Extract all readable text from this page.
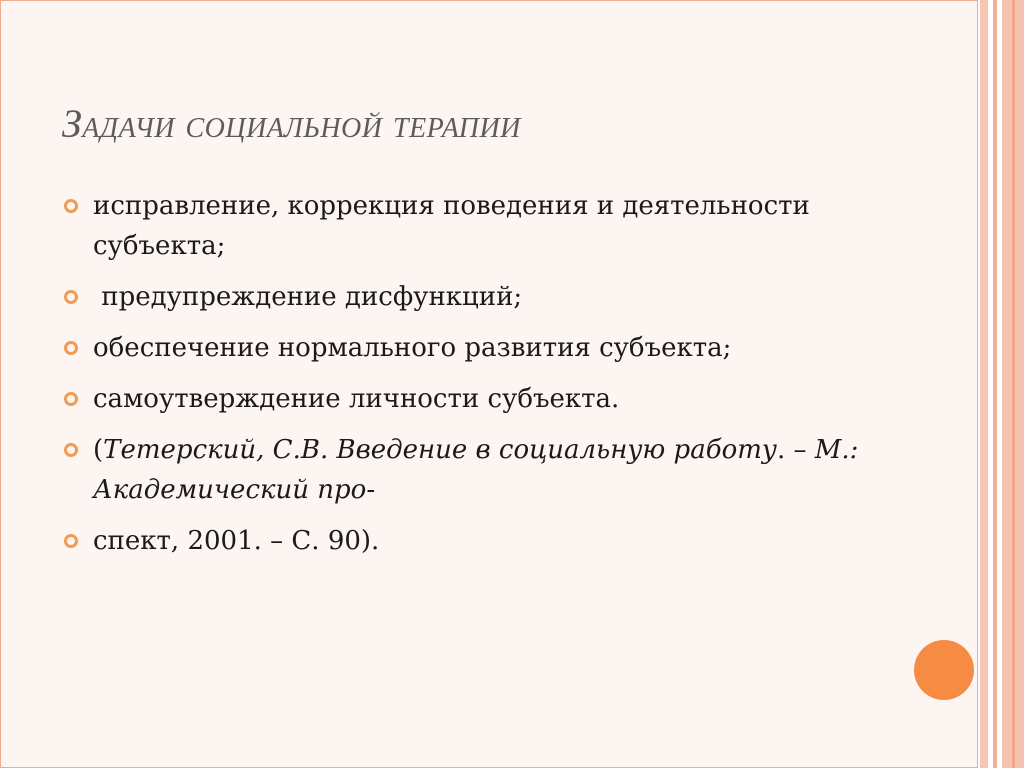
Задачи социальной терапии
исправление, коррекция поведения и деятельности субъекта;
предупреждение дисфункций;
обеспечение нормального развития субъекта;
самоутверждение личности субъекта.
(Тетерский, С.В. Введение в социальную работу. – М.: Академический про-
спект, 2001. – С. 90).
